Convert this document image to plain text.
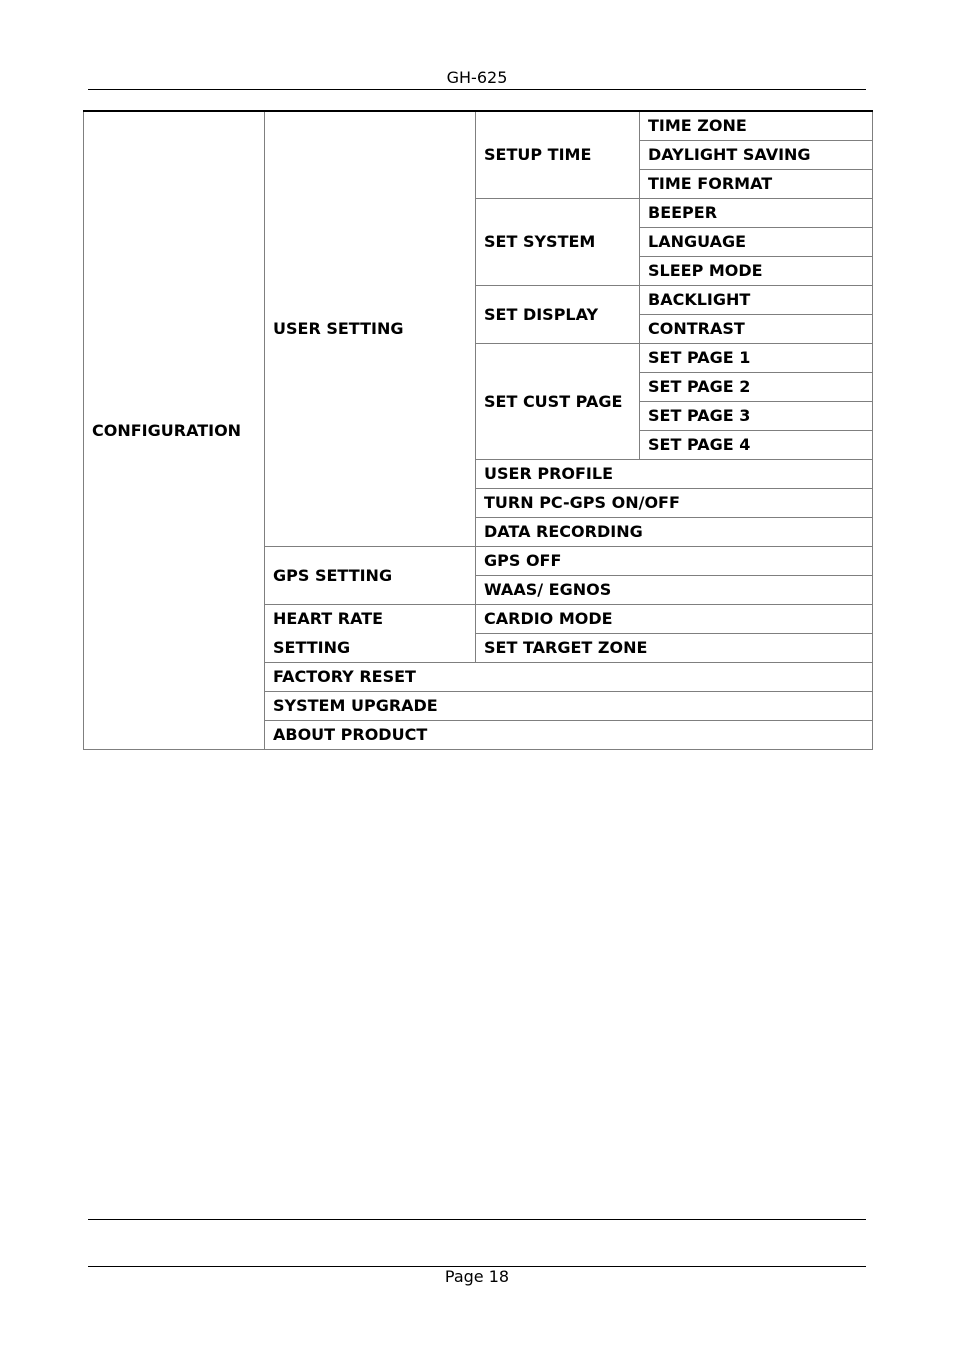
GH-625
CONFIGURATION	USER SETTING	SETUP TIME	TIME ZONE
			DAYLIGHT SAVING
			TIME FORMAT
		SET SYSTEM	BEEPER
			LANGUAGE
			SLEEP MODE
		SET DISPLAY	BACKLIGHT
			CONTRAST
		SET CUST PAGE	SET PAGE 1
			SET PAGE 2
			SET PAGE 3
			SET PAGE 4
		USER PROFILE	
		TURN PC-GPS ON/OFF	
		DATA RECORDING	
	GPS SETTING	GPS OFF	
		WAAS/ EGNOS	
	HEART RATE	CARDIO MODE	
	SETTING	SET TARGET ZONE	
	FACTORY RESET		
	SYSTEM UPGRADE		
	ABOUT PRODUCT		
Page 18
